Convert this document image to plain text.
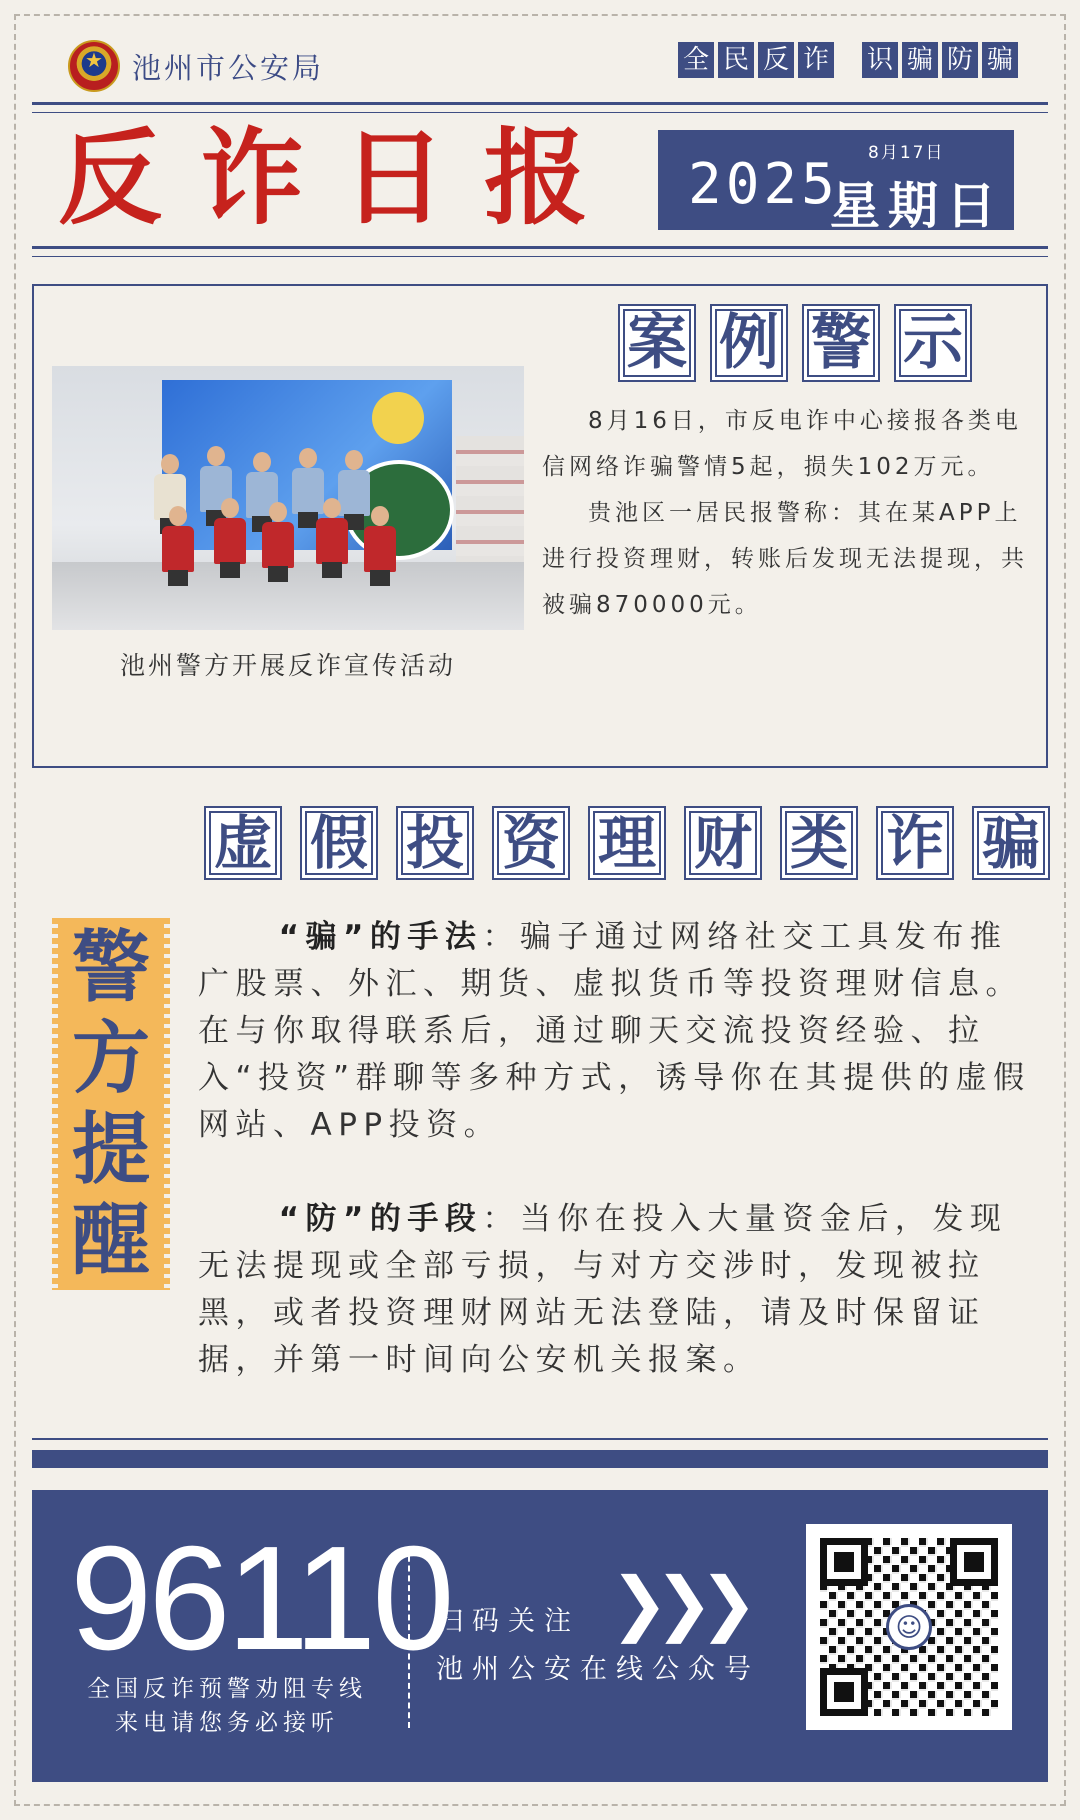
★
池州市公安局	全 民 反 诈 识 骗 防 骗
反诈日报 2025 8月17日
星期日
池州警方开展反诈宣传活动
案 例 警 示

8月16日，市反电诈中心接报各类电信网络诈骗警情5起，损失102万元。

贵池区一居民报警称：其在某APP上进行投资理财，转账后发现无法提现，共被骗870000元。

虚 假 投 资 理 财 类 诈 骗
警
方
提
醒

“骗”的手法：骗子通过网络社交工具发布推广股票、外汇、期货、虚拟货币等投资理财信息。在与你取得联系后，通过聊天交流投资经验、拉入“投资”群聊等多种方式，诱导你在其提供的虚假网站、APP投资。

“防”的手段：当你在投入大量资金后，发现无法提现或全部亏损，与对方交涉时，发现被拉黑，或者投资理财网站无法登陆，请及时保留证据，并第一时间向公安机关报案。

96110
全国反诈预警劝阻专线
来电请您务必接听
❯❯❯
扫码关注
池州公安在线公众号
☺
